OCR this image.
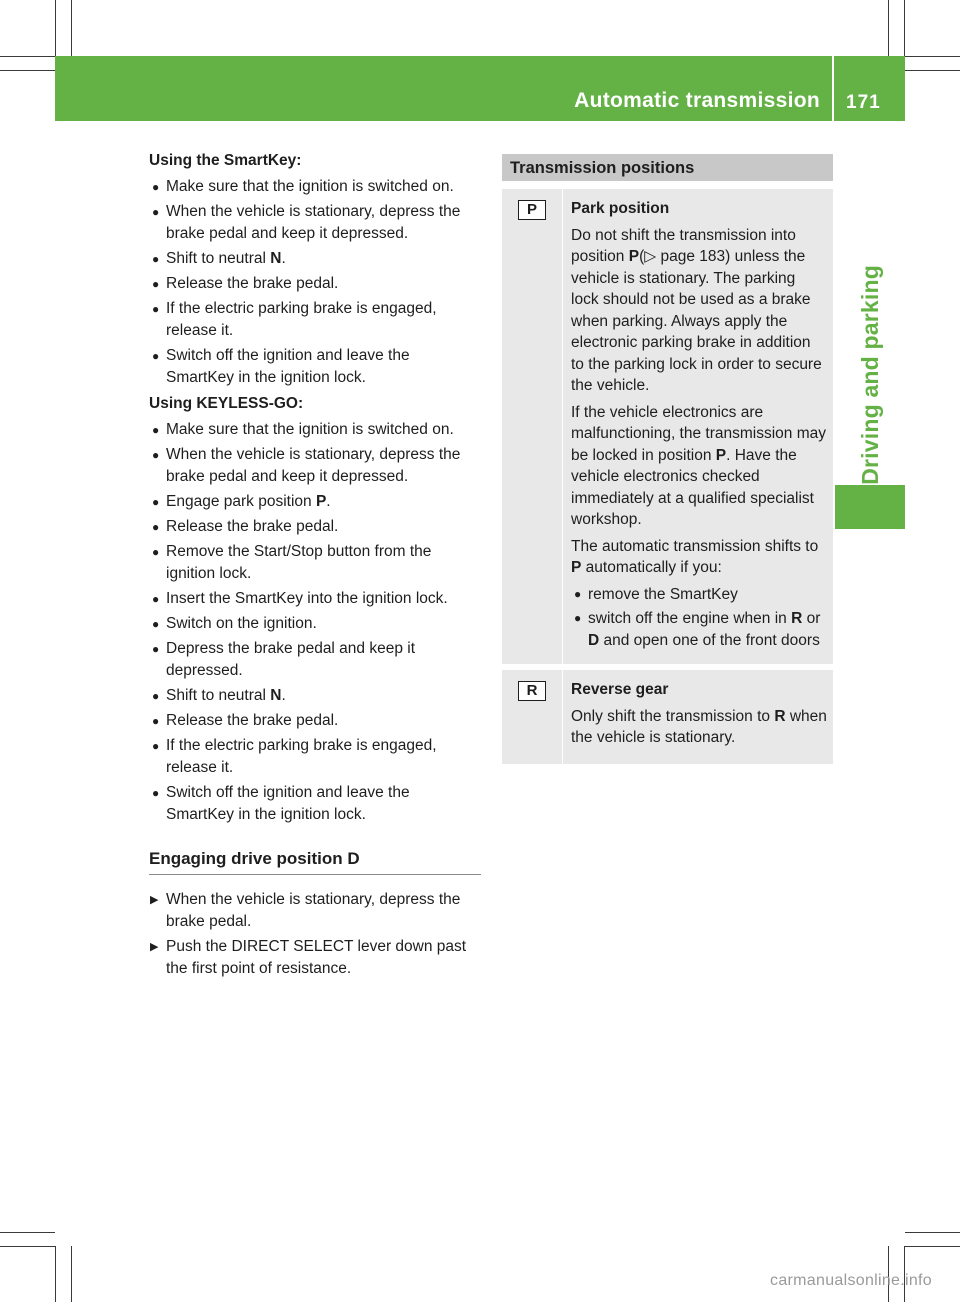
Automatic transmission 171
Driving and parking
Using the SmartKey:
● Make sure that the ignition is switched on.
● When the vehicle is stationary, depress the brake pedal and keep it depressed.
● Shift to neutral N.
● Release the brake pedal.
● If the electric parking brake is engaged, release it.
● Switch off the ignition and leave the SmartKey in the ignition lock.
Using KEYLESS-GO:
● Make sure that the ignition is switched on.
● When the vehicle is stationary, depress the brake pedal and keep it depressed.
● Engage park position P.
● Release the brake pedal.
● Remove the Start/Stop button from the ignition lock.
● Insert the SmartKey into the ignition lock.
● Switch on the ignition.
● Depress the brake pedal and keep it depressed.
● Shift to neutral N.
● Release the brake pedal.
● If the electric parking brake is engaged, release it.
● Switch off the ignition and leave the SmartKey in the ignition lock.
Engaging drive position D
▶ When the vehicle is stationary, depress the brake pedal.
▶ Push the DIRECT SELECT lever down past the first point of resistance.
Transmission positions
P	Park position
Do not shift the transmission into position P(▷ page 183) unless the vehicle is stationary. The parking lock should not be used as a brake when parking. Always apply the electronic parking brake in addition to the parking lock in order to secure the vehicle.
If the vehicle electronics are malfunctioning, the transmission may be locked in position P. Have the vehicle electronics checked immediately at a qualified specialist workshop.
The automatic transmission shifts to P automatically if you:
● remove the SmartKey
● switch off the engine when in R or D and open one of the front doors
R	Reverse gear
Only shift the transmission to R when the vehicle is stationary.
carmanualsonline.info
